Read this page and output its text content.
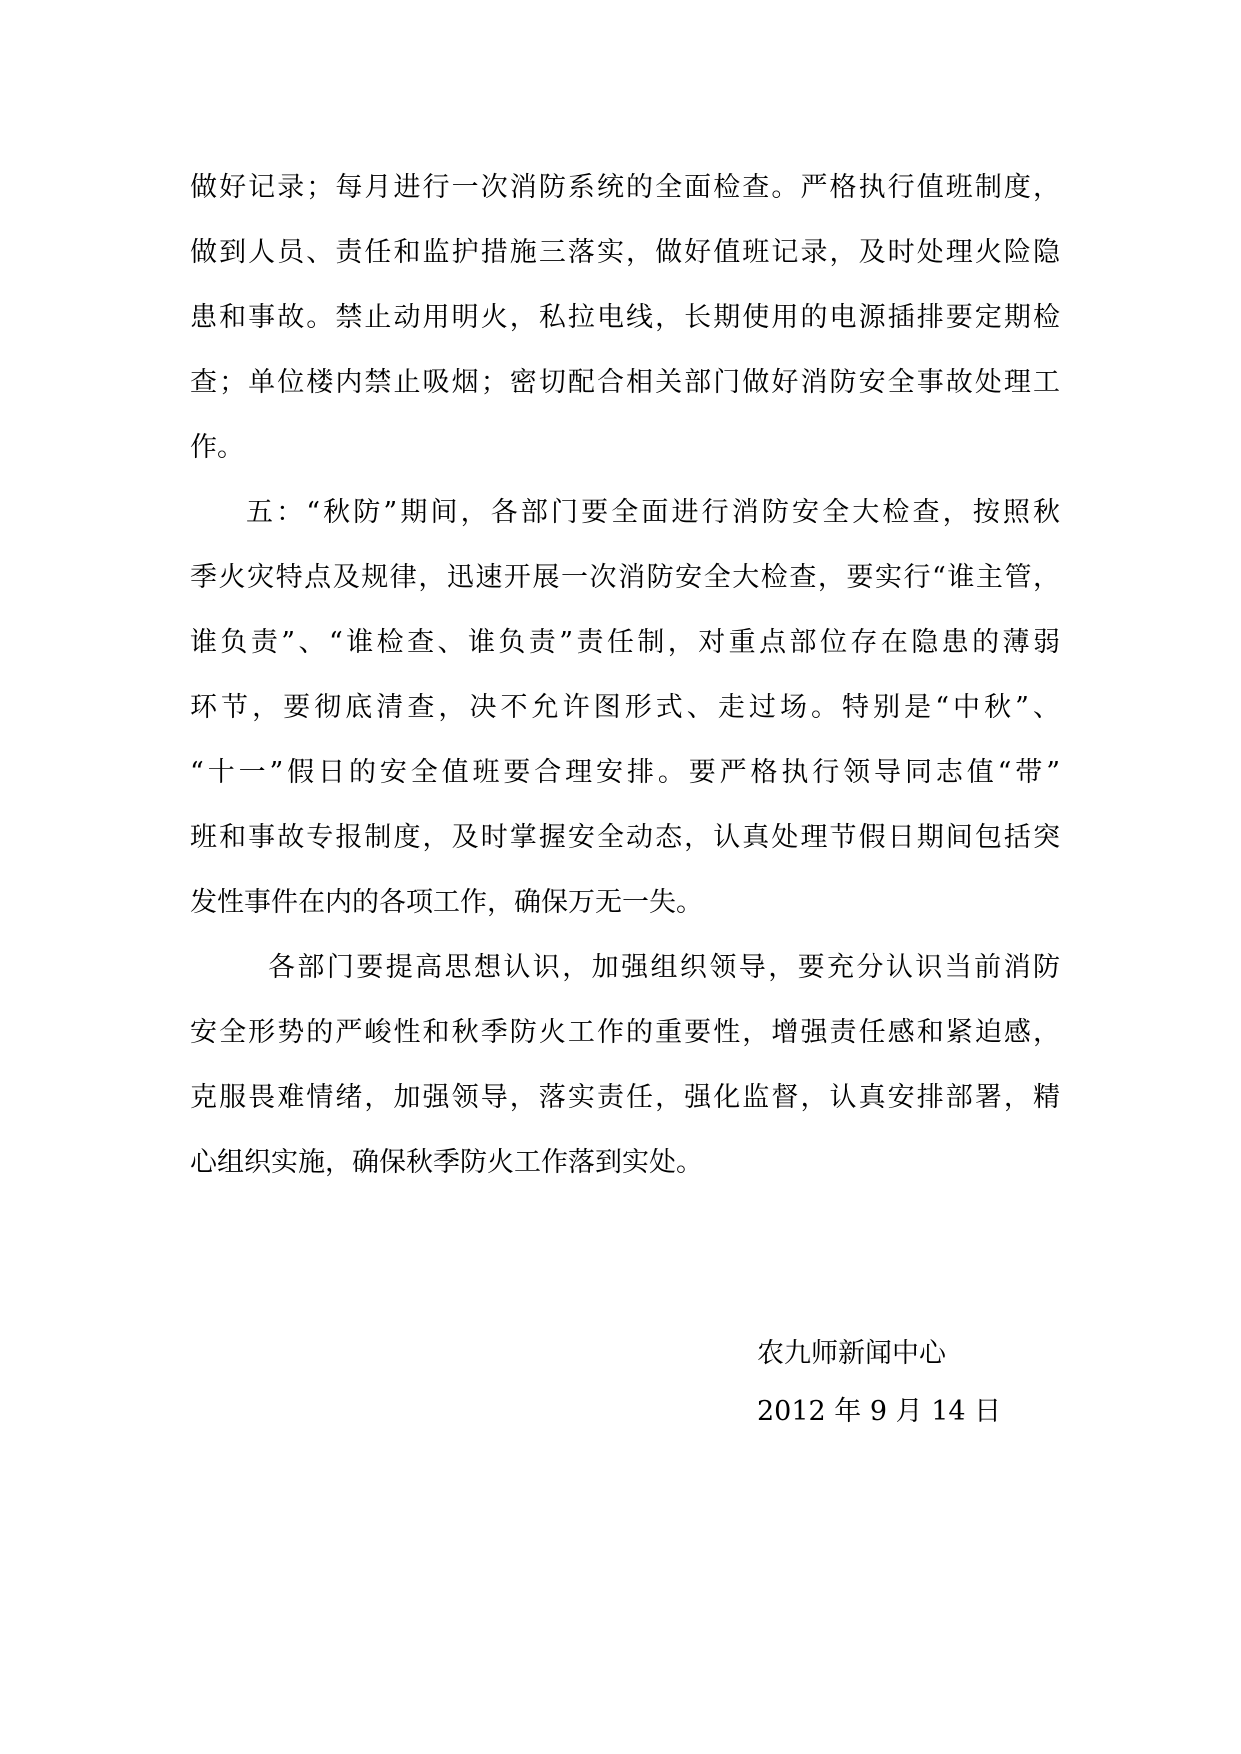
做好记录；每月进行一次消防系统的全面检查。严格执行值班制度，
做到人员、责任和监护措施三落实，做好值班记录，及时处理火险隐
患和事故。禁止动用明火，私拉电线，长期使用的电源插排要定期检
查；单位楼内禁止吸烟；密切配合相关部门做好消防安全事故处理工
作。
五：“秋防”期间，各部门要全面进行消防安全大检查，按照秋
季火灾特点及规律，迅速开展一次消防安全大检查，要实行“谁主管，
谁负责”、“谁检查、谁负责”责任制，对重点部位存在隐患的薄弱
环节，要彻底清查，决不允许图形式、走过场。特别是“中秋”、
“十一”假日的安全值班要合理安排。要严格执行领导同志值“带”
班和事故专报制度，及时掌握安全动态，认真处理节假日期间包括突
发性事件在内的各项工作，确保万无一失。
各部门要提高思想认识，加强组织领导，要充分认识当前消防
安全形势的严峻性和秋季防火工作的重要性，增强责任感和紧迫感，
克服畏难情绪，加强领导，落实责任，强化监督，认真安排部署，精
心组织实施，确保秋季防火工作落到实处。
农九师新闻中心
2012 年 9 月 14 日
